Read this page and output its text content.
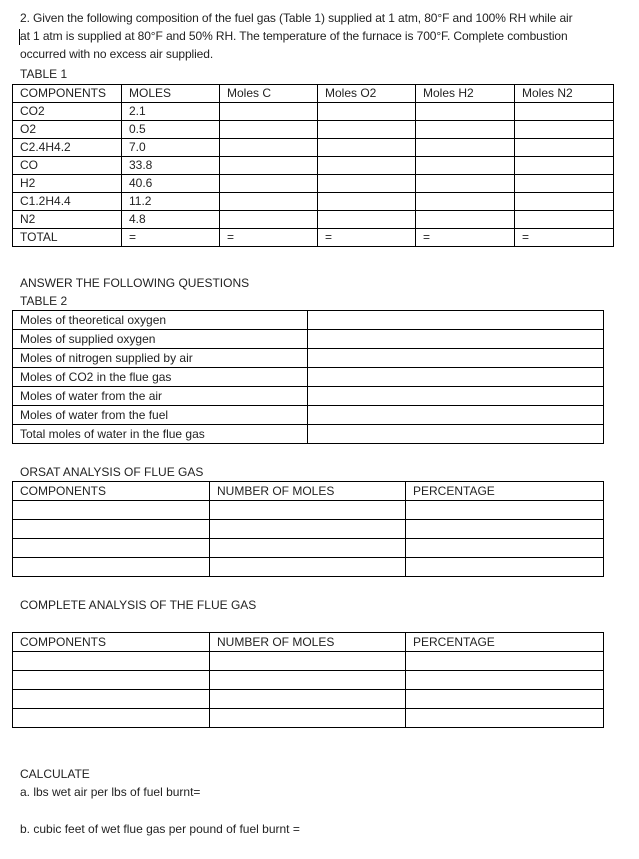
2. Given the following composition of the fuel gas (Table 1) supplied at 1 atm, 80°F and 100% RH while air

at 1 atm is supplied at 80°F and 50% RH. The temperature of the furnace is 700°F. Complete combustion

occurred with no excess air supplied.

TABLE 1
COMPONENTS	MOLES	Moles C	Moles O2	Moles H2	Moles N2
CO2	2.1				
O2	0.5				
C2.4H4.2	7.0				
CO	33.8				
H2	40.6				
C1.2H4.4	11.2				
N2	4.8				
TOTAL	=	=	=	=	=
ANSWER THE FOLLOWING QUESTIONS
TABLE 2
Moles of theoretical oxygen	
Moles of supplied oxygen	
Moles of nitrogen supplied by air	
Moles of CO2 in the flue gas	
Moles of water from the air	
Moles of water from the fuel	
Total moles of water in the flue gas	
ORSAT ANALYSIS OF FLUE GAS
COMPONENTS	NUMBER OF MOLES	PERCENTAGE

COMPLETE ANALYSIS OF THE FLUE GAS
COMPONENTS	NUMBER OF MOLES	PERCENTAGE

CALCULATE
a. lbs wet air per lbs of fuel burnt=
b. cubic feet of wet flue gas per pound of fuel burnt =
